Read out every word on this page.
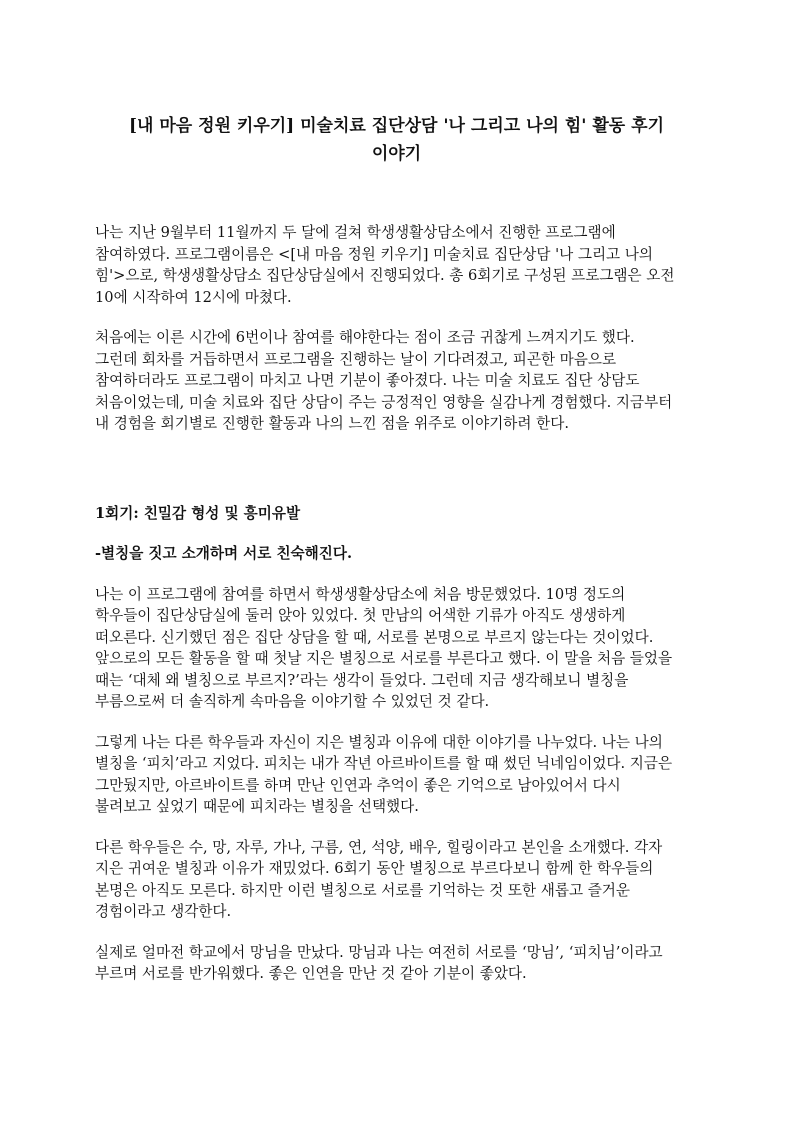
[내 마음 정원 키우기] 미술치료 집단상담 '나 그리고 나의 힘' 활동 후기
이야기

나는 지난 9월부터 11월까지 두 달에 걸쳐 학생생활상담소에서 진행한 프로그램에
참여하였다. 프로그램이름은 <[내 마음 정원 키우기] 미술치료 집단상담 '나 그리고 나의
힘'>으로, 학생생활상담소 집단상담실에서 진행되었다. 총 6회기로 구성된 프로그램은 오전
10에 시작하여 12시에 마쳤다.

처음에는 이른 시간에 6번이나 참여를 해야한다는 점이 조금 귀찮게 느껴지기도 했다.
그런데 회차를 거듭하면서 프로그램을 진행하는 날이 기다려졌고, 피곤한 마음으로
참여하더라도 프로그램이 마치고 나면 기분이 좋아졌다. 나는 미술 치료도 집단 상담도
처음이었는데, 미술 치료와 집단 상담이 주는 긍정적인 영향을 실감나게 경험했다. 지금부터
내 경험을 회기별로 진행한 활동과 나의 느낀 점을 위주로 이야기하려 한다.

1회기: 친밀감 형성 및 흥미유발
-별칭을 짓고 소개하며 서로 친숙해진다.

나는 이 프로그램에 참여를 하면서 학생생활상담소에 처음 방문했었다. 10명 정도의
학우들이 집단상담실에 둘러 앉아 있었다. 첫 만남의 어색한 기류가 아직도 생생하게
떠오른다. 신기했던 점은 집단 상담을 할 때, 서로를 본명으로 부르지 않는다는 것이었다.
앞으로의 모든 활동을 할 때 첫날 지은 별칭으로 서로를 부른다고 했다. 이 말을 처음 들었을
때는 ‘대체 왜 별칭으로 부르지?’라는 생각이 들었다. 그런데 지금 생각해보니 별칭을
부름으로써 더 솔직하게 속마음을 이야기할 수 있었던 것 같다.

그렇게 나는 다른 학우들과 자신이 지은 별칭과 이유에 대한 이야기를 나누었다. 나는 나의
별칭을 ‘피치’라고 지었다. 피치는 내가 작년 아르바이트를 할 때 썼던 닉네임이었다. 지금은
그만뒀지만, 아르바이트를 하며 만난 인연과 추억이 좋은 기억으로 남아있어서 다시
불려보고 싶었기 때문에 피치라는 별칭을 선택했다.

다른 학우들은 수, 망, 자루, 가나, 구름, 연, 석양, 배우, 힐링이라고 본인을 소개했다. 각자
지은 귀여운 별칭과 이유가 재밌었다. 6회기 동안 별칭으로 부르다보니 함께 한 학우들의
본명은 아직도 모른다. 하지만 이런 별칭으로 서로를 기억하는 것 또한 새롭고 즐거운
경험이라고 생각한다.

실제로 얼마전 학교에서 망님을 만났다. 망님과 나는 여전히 서로를 ‘망님’, ‘피치님’이라고
부르며 서로를 반가워했다. 좋은 인연을 만난 것 같아 기분이 좋았다.
